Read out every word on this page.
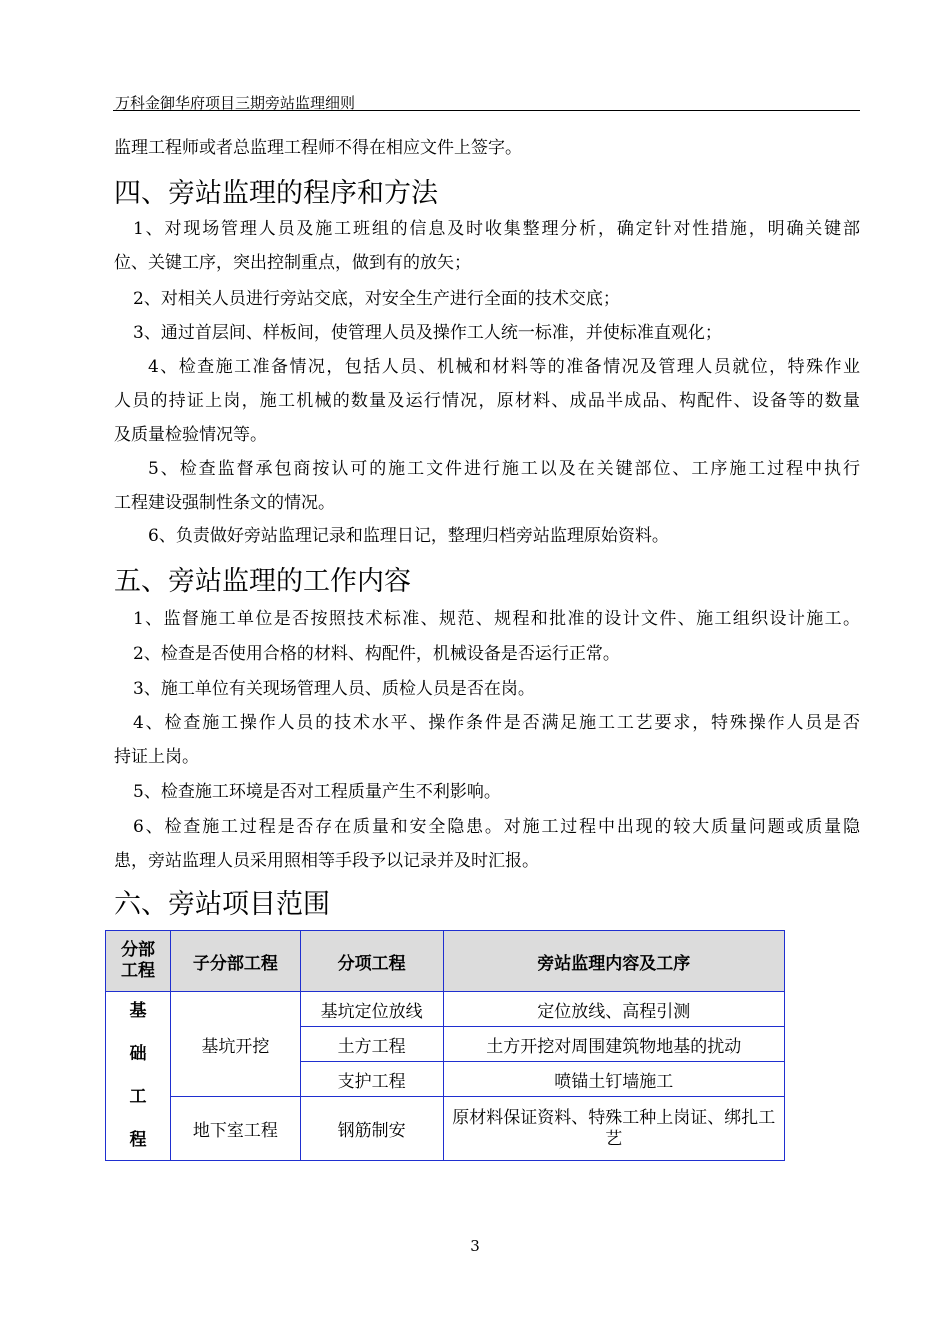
万科金御华府项目三期旁站监理细则
监理工程师或者总监理工程师不得在相应文件上签字。
四、旁站监理的程序和方法
1、对现场管理人员及施工班组的信息及时收集整理分析，确定针对性措施，明确关键部
位、关键工序，突出控制重点，做到有的放矢；
2、对相关人员进行旁站交底，对安全生产进行全面的技术交底；
3、通过首层间、样板间，使管理人员及操作工人统一标准，并使标准直观化；
4、检查施工准备情况，包括人员、机械和材料等的准备情况及管理人员就位，特殊作业
人员的持证上岗，施工机械的数量及运行情况，原材料、成品半成品、构配件、设备等的数量
及质量检验情况等。
5、检查监督承包商按认可的施工文件进行施工以及在关键部位、工序施工过程中执行
工程建设强制性条文的情况。
6、负责做好旁站监理记录和监理日记，整理归档旁站监理原始资料。
五、旁站监理的工作内容
1、监督施工单位是否按照技术标准、规范、规程和批准的设计文件、施工组织设计施工。
2、检查是否使用合格的材料、构配件，机械设备是否运行正常。
3、施工单位有关现场管理人员、质检人员是否在岗。
4、检查施工操作人员的技术水平、操作条件是否满足施工工艺要求，特殊操作人员是否
持证上岗。
5、检查施工环境是否对工程质量产生不利影响。
6、检查施工过程是否存在质量和安全隐患。对施工过程中出现的较大质量问题或质量隐
患，旁站监理人员采用照相等手段予以记录并及时汇报。
六、旁站项目范围
分部工程	子分部工程	分项工程	旁站监理内容及工序

基
础
工
程	基坑开挖	基坑定位放线	定位放线、高程引测
		土方工程	土方开挖对周围建筑物地基的扰动
		支护工程	喷锚土钉墙施工
	地下室工程	钢筋制安	原材料保证资料、特殊工种上岗证、绑扎工艺
3
